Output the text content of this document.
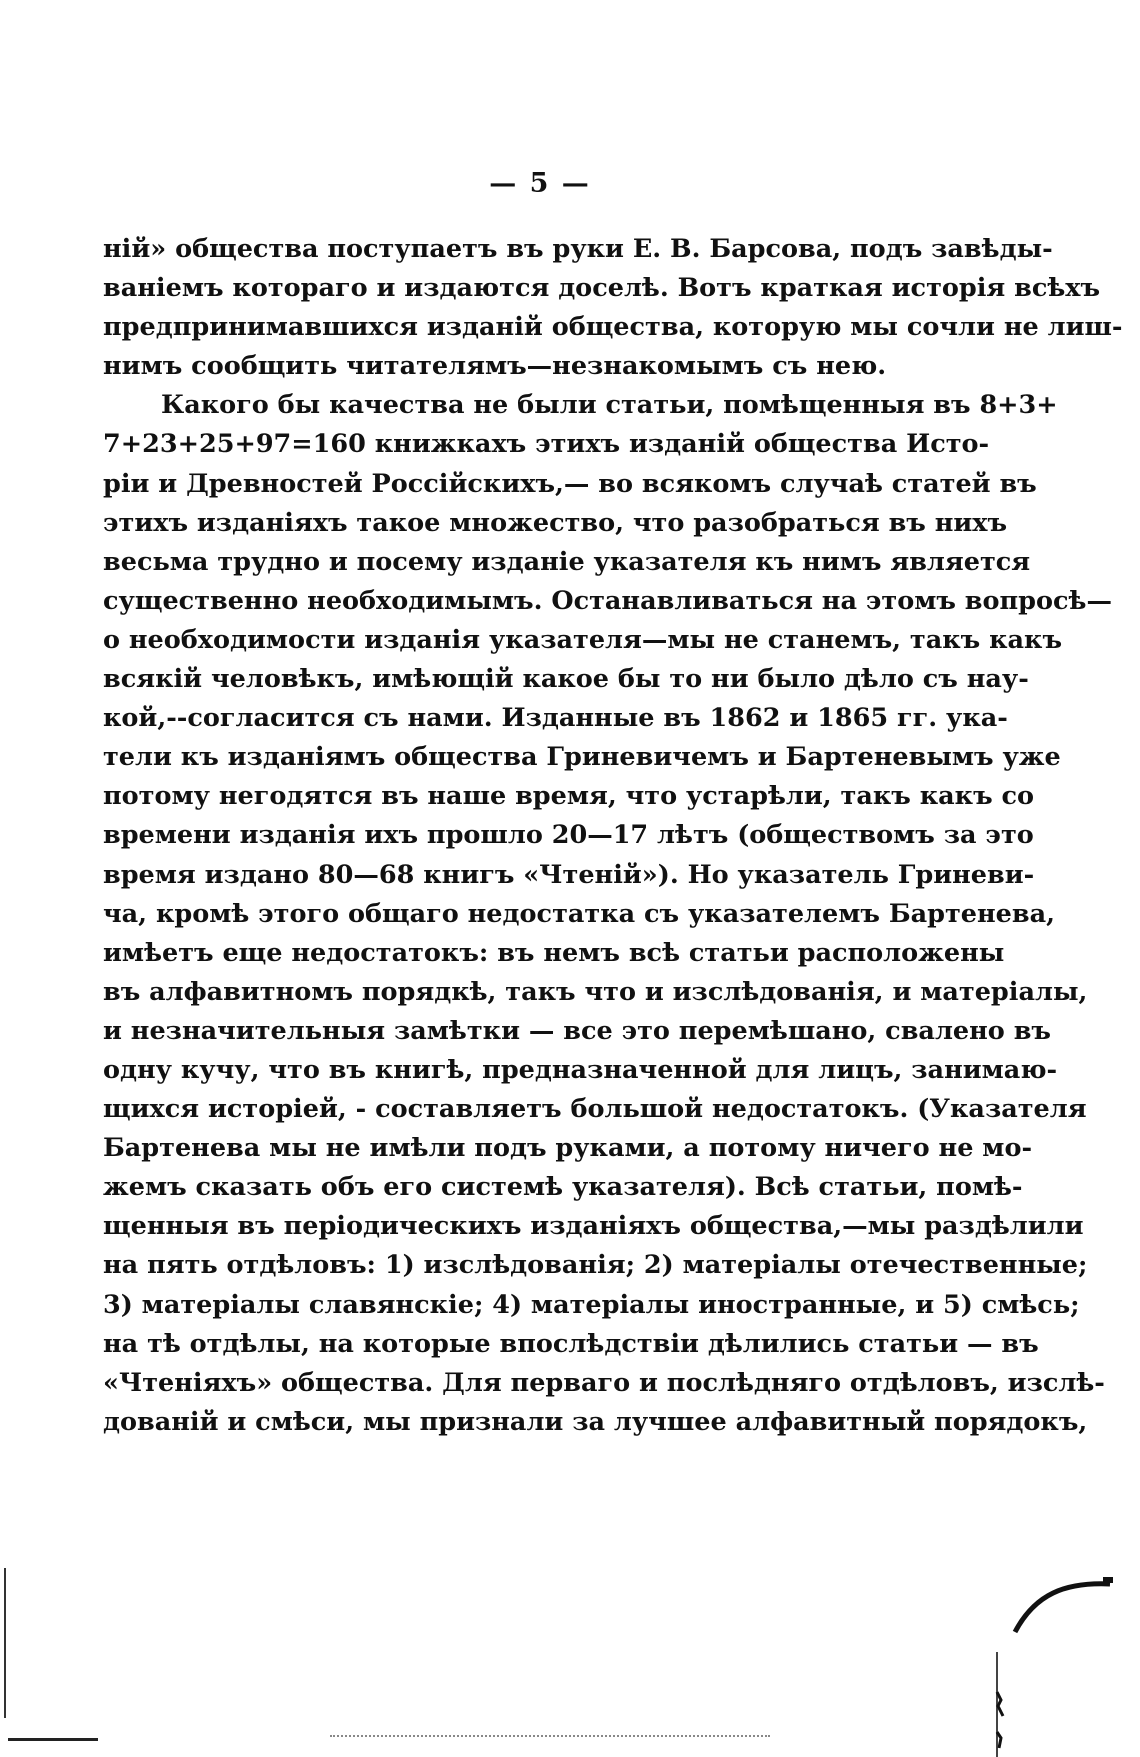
— 5 —
ній» общества поступаетъ въ руки Е. В. Барсова, подъ завѣды-
ваніемъ котораго и издаются доселѣ. Вотъ краткая исторія всѣхъ
предпринимавшихся изданій общества, которую мы сочли не лиш-
нимъ сообщить читателямъ—незнакомымъ съ нею.
Какого бы качества не были статьи, помѣщенныя въ 8+3+
7+23+25+97=160 книжкахъ этихъ изданій общества Исто-
ріи и Древностей Россійскихъ,— во всякомъ случаѣ статей въ
этихъ изданіяхъ такое множество, что разобраться въ нихъ
весьма трудно и посему изданіе указателя къ нимъ является
существенно необходимымъ. Останавливаться на этомъ вопросѣ—
о необходимости изданія указателя—мы не станемъ, такъ какъ
всякій человѣкъ, имѣющій какое бы то ни было дѣло съ нау-
кой,--согласится съ нами. Изданные въ 1862 и 1865 гг. ука-
тели къ изданіямъ общества Гриневичемъ и Бартеневымъ уже
потому негодятся въ наше время, что устарѣли, такъ какъ со
времени изданія ихъ прошло 20—17 лѣтъ (обществомъ за это
время издано 80—68 книгъ «Чтеній»). Но указатель Гриневи-
ча, кромѣ этого общаго недостатка съ указателемъ Бартенева,
имѣетъ еще недостатокъ: въ немъ всѣ статьи расположены
въ алфавитномъ порядкѣ, такъ что и изслѣдованія, и матеріалы,
и незначительныя замѣтки — все это перемѣшано, свалено въ
одну кучу, что въ книгѣ, предназначенной для лицъ, занимаю-
щихся исторіей, - составляетъ большой недостатокъ. (Указателя
Бартенева мы не имѣли подъ руками, а потому ничего не мо-
жемъ сказать объ его системѣ указателя). Всѣ статьи, помѣ-
щенныя въ періодическихъ изданіяхъ общества,—мы раздѣлили
на пять отдѣловъ: 1) изслѣдованія; 2) матеріалы отечественные;
3) матеріалы славянскіе; 4) матеріалы иностранные, и 5) смѣсь;
на тѣ отдѣлы, на которые впослѣдствіи дѣлились статьи — въ
«Чтеніяхъ» общества. Для перваго и послѣдняго отдѣловъ, изслѣ-
дованій и смѣси, мы признали за лучшее алфавитный порядокъ,
